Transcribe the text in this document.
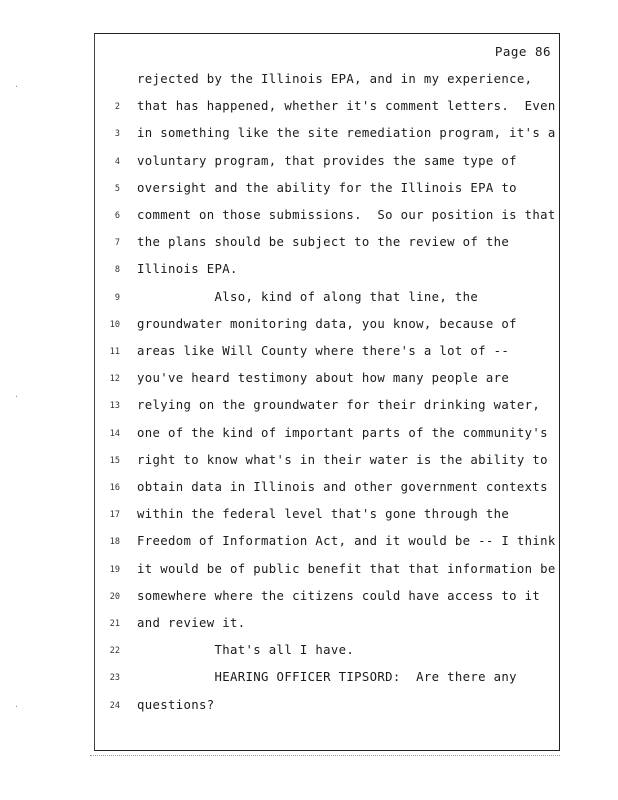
Page 86
rejected by the Illinois EPA, and in my experience,
2 that has happened, whether it's comment letters.  Even
3 in something like the site remediation program, it's a
4 voluntary program, that provides the same type of
5 oversight and the ability for the Illinois EPA to
6 comment on those submissions.  So our position is that
7 the plans should be subject to the review of the
8 Illinois EPA.
9 Also, kind of along that line, the
10 groundwater monitoring data, you know, because of
11 areas like Will County where there's a lot of --
12 you've heard testimony about how many people are
13 relying on the groundwater for their drinking water,
14 one of the kind of important parts of the community's
15 right to know what's in their water is the ability to
16 obtain data in Illinois and other government contexts
17 within the federal level that's gone through the
18 Freedom of Information Act, and it would be -- I think
19 it would be of public benefit that that information be
20 somewhere where the citizens could have access to it
21 and review it.
22 That's all I have.
23 HEARING OFFICER TIPSORD:  Are there any
24 questions?
·
·
·
